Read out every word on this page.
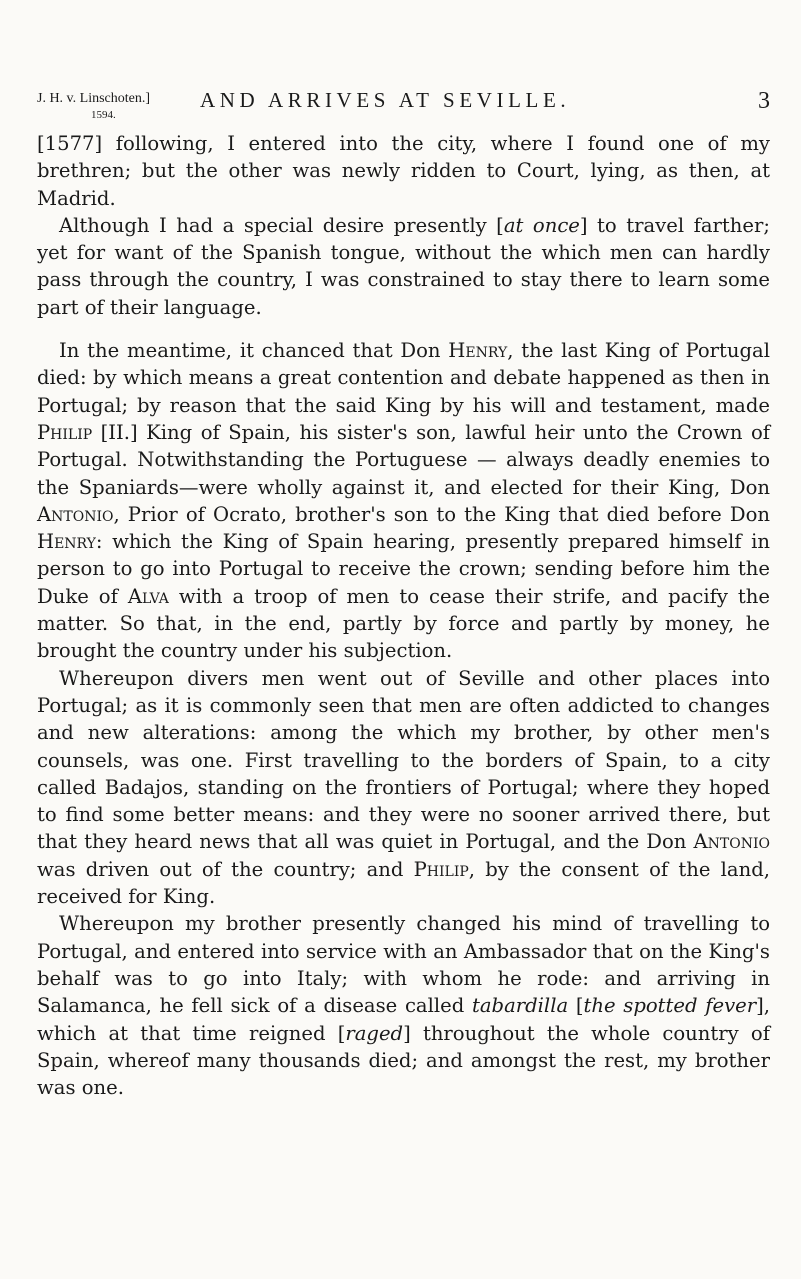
J. H. v. Linschoten.]
1594.
AND ARRIVES AT SEVILLE.	3

[1577] following, I entered into the city, where I found one of my brethren; but the other was newly ridden to Court, lying, as then, at Madrid.

Although I had a special desire presently [at once] to travel farther; yet for want of the Spanish tongue, without the which men can hardly pass through the country, I was constrained to stay there to learn some part of their language.

In the meantime, it chanced that Don Henry, the last King of Portugal died: by which means a great contention and debate happened as then in Portugal; by reason that the said King by his will and testament, made Philip [II.] King of Spain, his sister's son, lawful heir unto the Crown of Portugal. Notwithstanding the Portuguese — always deadly enemies to the Spaniards—were wholly against it, and elected for their King, Don Antonio, Prior of Ocrato, brother's son to the King that died before Don Henry: which the King of Spain hearing, presently prepared himself in person to go into Portugal to receive the crown; sending before him the Duke of Alva with a troop of men to cease their strife, and pacify the matter. So that, in the end, partly by force and partly by money, he brought the country under his subjection.

Whereupon divers men went out of Seville and other places into Portugal; as it is commonly seen that men are often addicted to changes and new alterations: among the which my brother, by other men's counsels, was one. First travelling to the borders of Spain, to a city called Badajos, standing on the frontiers of Portugal; where they hoped to find some better means: and they were no sooner arrived there, but that they heard news that all was quiet in Portugal, and the Don Antonio was driven out of the country; and Philip, by the consent of the land, received for King.

Whereupon my brother presently changed his mind of travelling to Portugal, and entered into service with an Ambassador that on the King's behalf was to go into Italy; with whom he rode: and arriving in Salamanca, he fell sick of a disease called tabardilla [the spotted fever], which at that time reigned [raged] throughout the whole country of Spain, whereof many thousands died; and amongst the rest, my brother was one.
